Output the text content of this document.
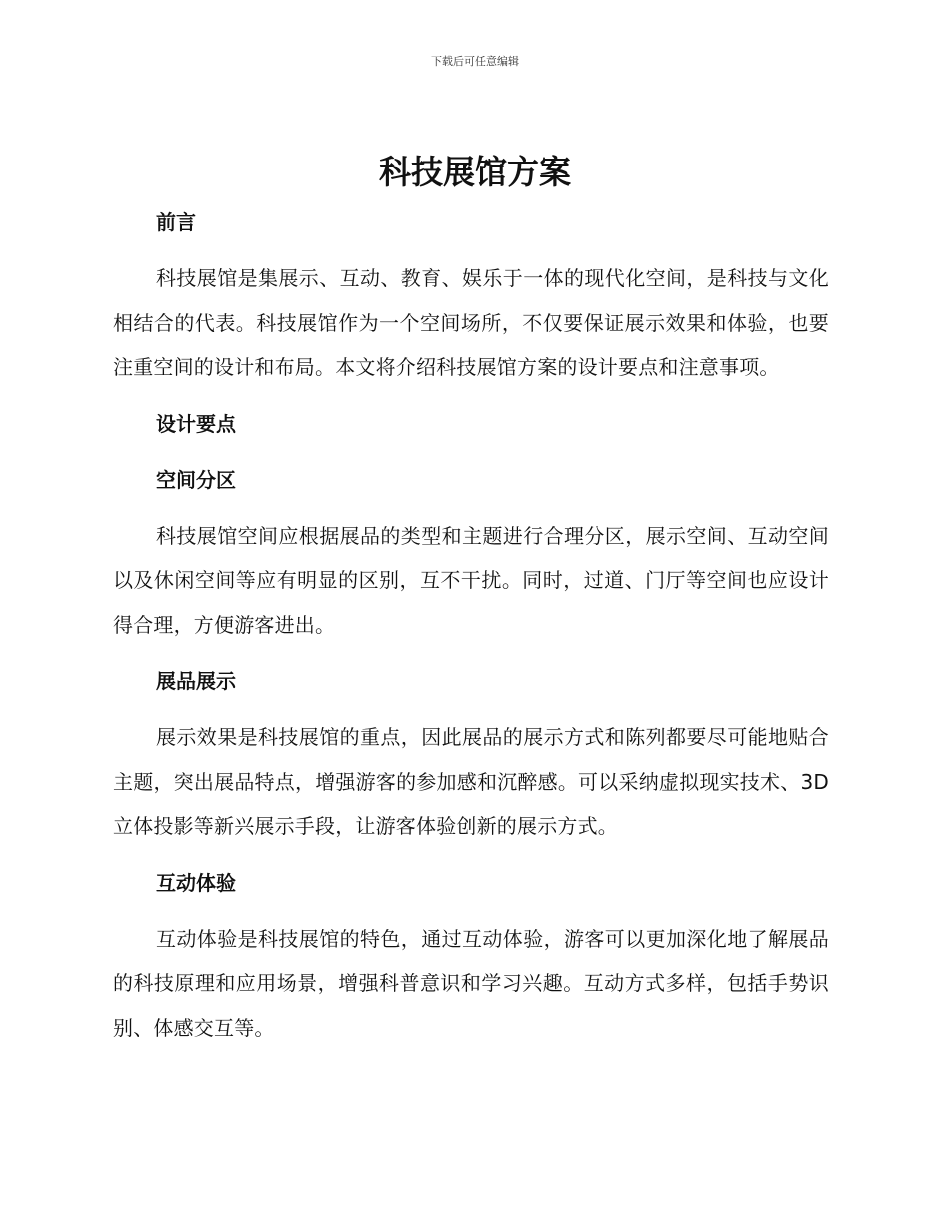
下载后可任意编辑
科技展馆方案
前言

科技展馆是集展示、互动、教育、娱乐于一体的现代化空间，是科技与文化相结合的代表。科技展馆作为一个空间场所，不仅要保证展示效果和体验，也要注重空间的设计和布局。本文将介绍科技展馆方案的设计要点和注意事项。

设计要点
空间分区

科技展馆空间应根据展品的类型和主题进行合理分区，展示空间、互动空间以及休闲空间等应有明显的区别，互不干扰。同时，过道、门厅等空间也应设计得合理，方便游客进出。

展品展示

展示效果是科技展馆的重点，因此展品的展示方式和陈列都要尽可能地贴合主题，突出展品特点，增强游客的参加感和沉醉感。可以采纳虚拟现实技术、3D 立体投影等新兴展示手段，让游客体验创新的展示方式。

互动体验

互动体验是科技展馆的特色，通过互动体验，游客可以更加深化地了解展品的科技原理和应用场景，增强科普意识和学习兴趣。互动方式多样，包括手势识别、体感交互等。
